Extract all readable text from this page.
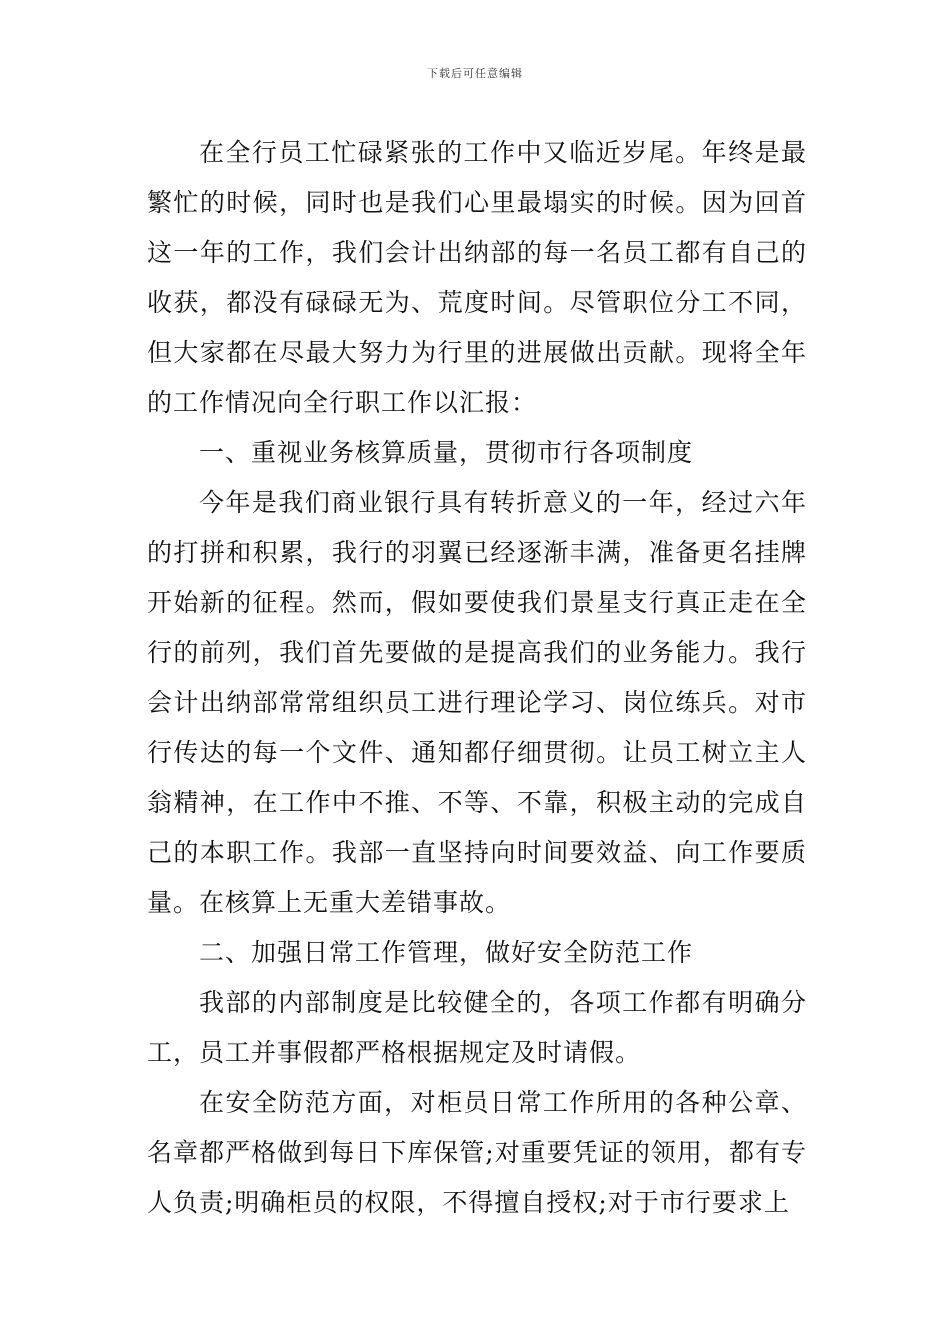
下载后可任意编辑

在全行员工忙碌紧张的工作中又临近岁尾。年终是最繁忙的时候，同时也是我们心里最塌实的时候。因为回首这一年的工作，我们会计出纳部的每一名员工都有自己的收获，都没有碌碌无为、荒度时间。尽管职位分工不同，但大家都在尽最大努力为行里的进展做出贡献。现将全年的工作情况向全行职工作以汇报：

一、重视业务核算质量，贯彻市行各项制度

今年是我们商业银行具有转折意义的一年，经过六年的打拼和积累，我行的羽翼已经逐渐丰满，准备更名挂牌开始新的征程。然而，假如要使我们景星支行真正走在全行的前列，我们首先要做的是提高我们的业务能力。我行会计出纳部常常组织员工进行理论学习、岗位练兵。对市行传达的每一个文件、通知都仔细贯彻。让员工树立主人翁精神，在工作中不推、不等、不靠，积极主动的完成自己的本职工作。我部一直坚持向时间要效益、向工作要质量。在核算上无重大差错事故。

二、加强日常工作管理，做好安全防范工作

我部的内部制度是比较健全的，各项工作都有明确分工，员工并事假都严格根据规定及时请假。

在安全防范方面，对柜员日常工作所用的各种公章、名章都严格做到每日下库保管;对重要凭证的领用，都有专人负责;明确柜员的权限，不得擅自授权;对于市行要求上
